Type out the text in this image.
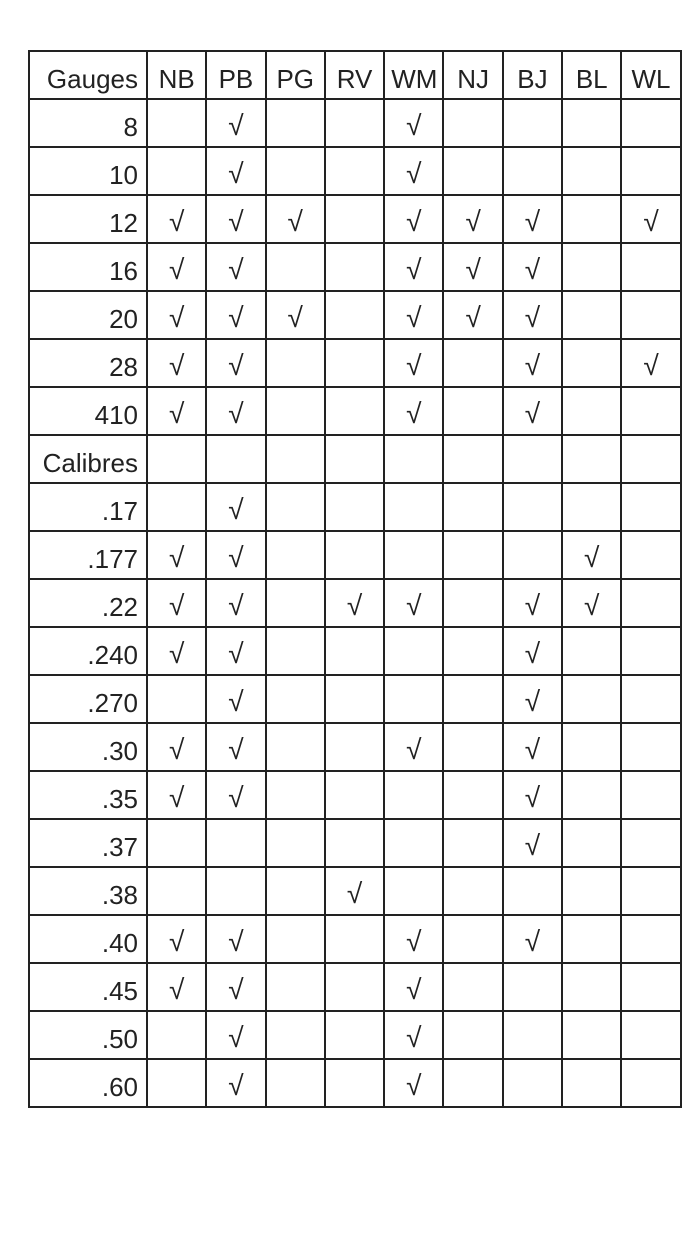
Gauges	NB	PB	PG	RV	WM	NJ	BJ	BL	WL
8		√			√				
10		√			√				
12	√	√	√		√	√	√		√
16	√	√			√	√	√		
20	√	√	√		√	√	√		
28	√	√			√		√		√
410	√	√			√		√		
Calibres									
.17		√							
.177	√	√						√	
.22	√	√		√	√		√	√	
.240	√	√					√		
.270		√					√		
.30	√	√			√		√		
.35	√	√					√		
.37							√		
.38				√					
.40	√	√			√		√		
.45	√	√			√				
.50		√			√				
.60		√			√				
